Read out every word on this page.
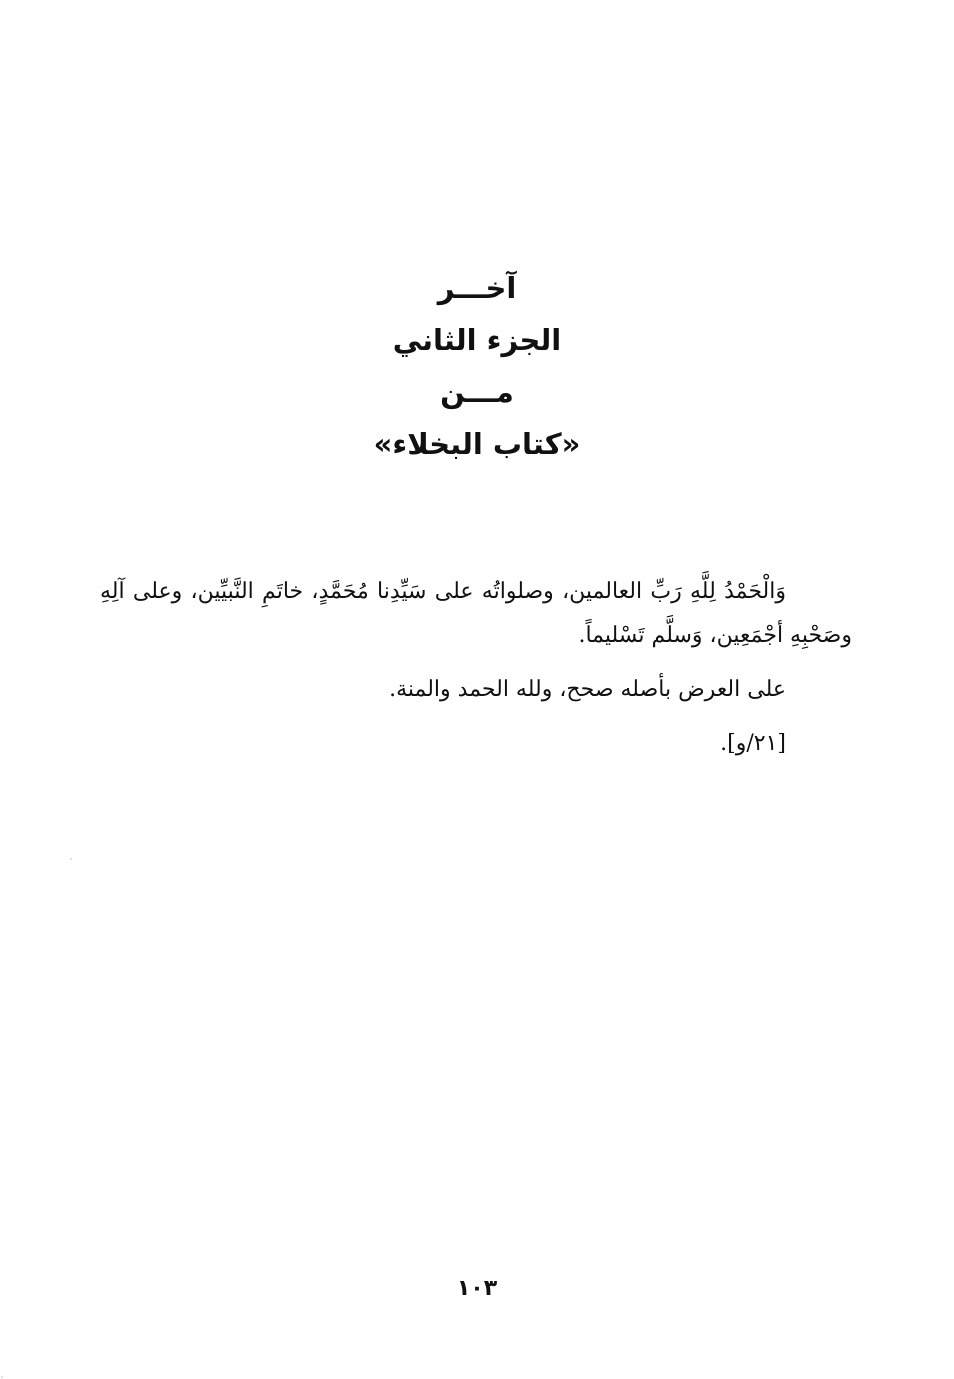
آخـــر
الجزء الثاني
مـــن
«كتاب البخلاء»

وَالْحَمْدُ لِلَّهِ رَبِّ العالمين، وصلواتُه على سَيِّدِنا مُحَمَّدٍ، خاتَمِ النَّبيِّين، وعلى آلِهِ وصَحْبِهِ أجْمَعِين، وَسلَّم تَسْليماً.

على العرض بأصله صحح، ولله الحمد والمنة.

[٢١/و].

١٠٣
